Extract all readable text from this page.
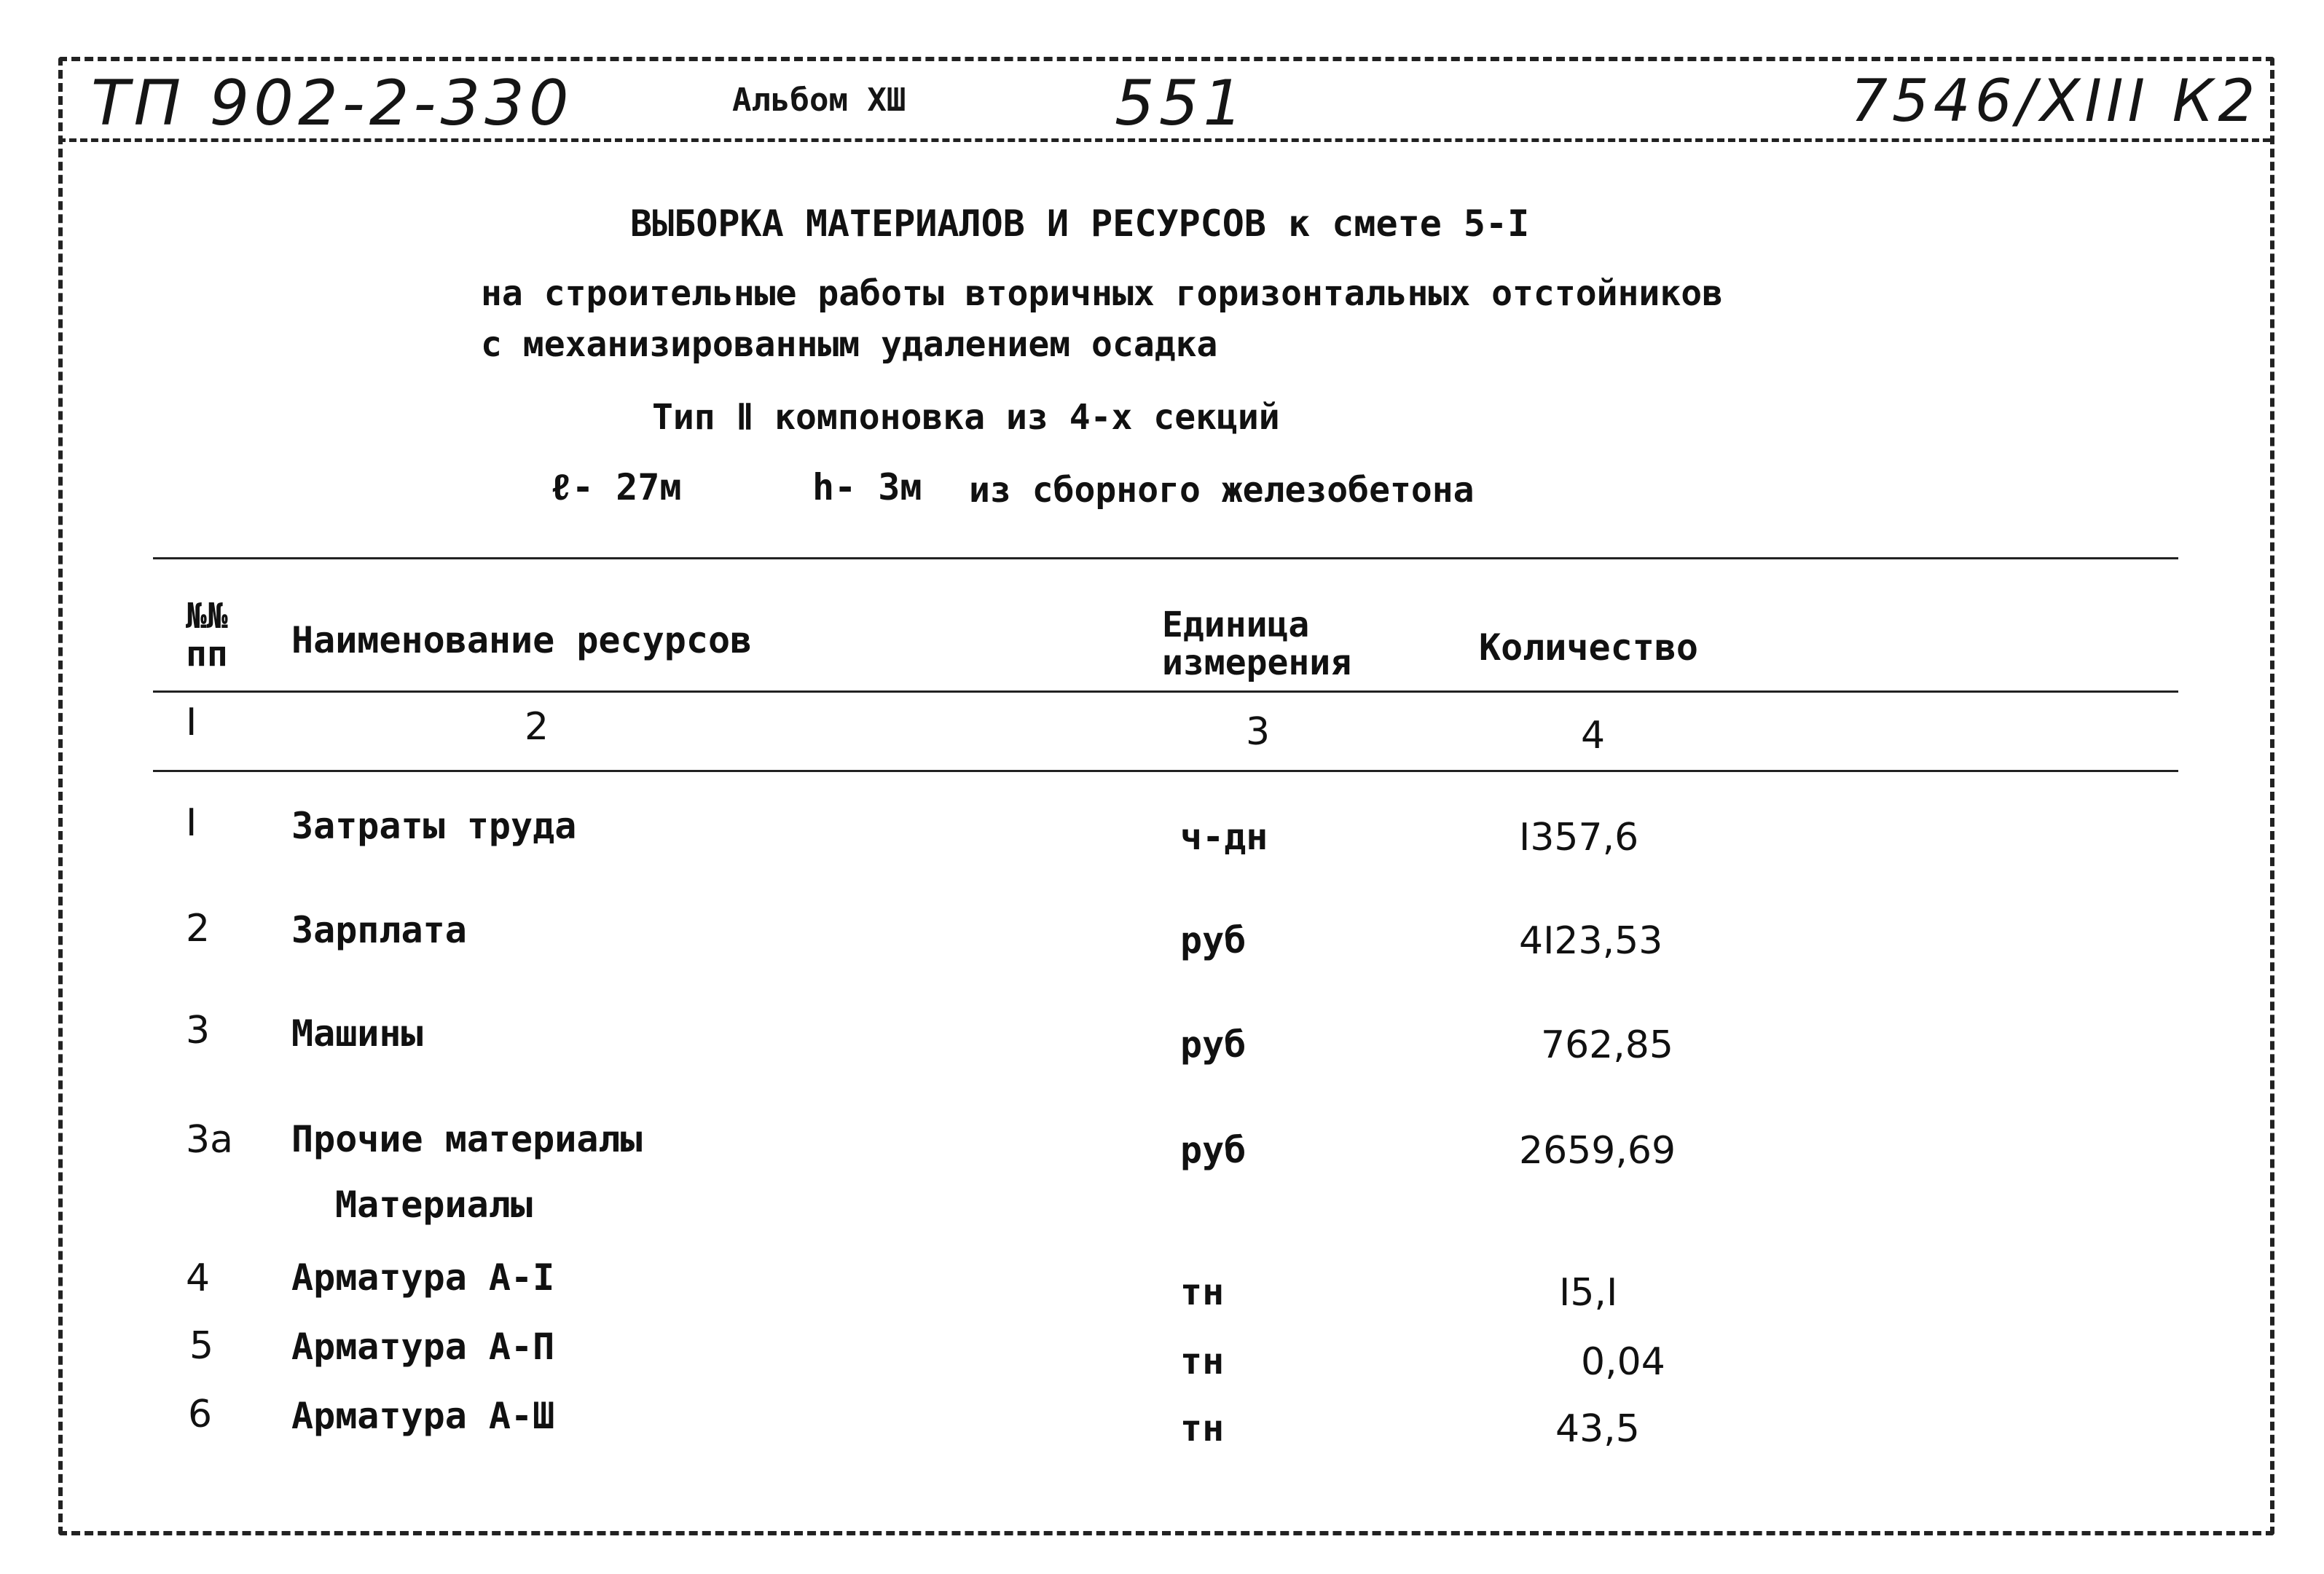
ТП 902-2-330	Альбом ХШ	551	7546/ХIII К2
ВЫБОРКА МАТЕРИАЛОВ И РЕСУРСОВ к смете 5-I
на строительные работы вторичных горизонтальных отстойников
с механизированным удалением осадка
Тип Ⅱ компоновка из 4-х секций
ℓ- 27м	h- 3м из сборного железобетона
№№ пп	Наименование ресурсов	Единица измерения	Количество
I	2	3	4
I	Затраты труда	ч-дн	I357,6
2 Зарплата	руб	4I23,53
3 Машины	руб	762,85
3а Прочие материалы	руб	2659,69
Материалы
4 Арматура А-I	тн	I5,I
5 Арматура А-П	тн	0,04
6 Арматура А-Ш	тн	43,5
